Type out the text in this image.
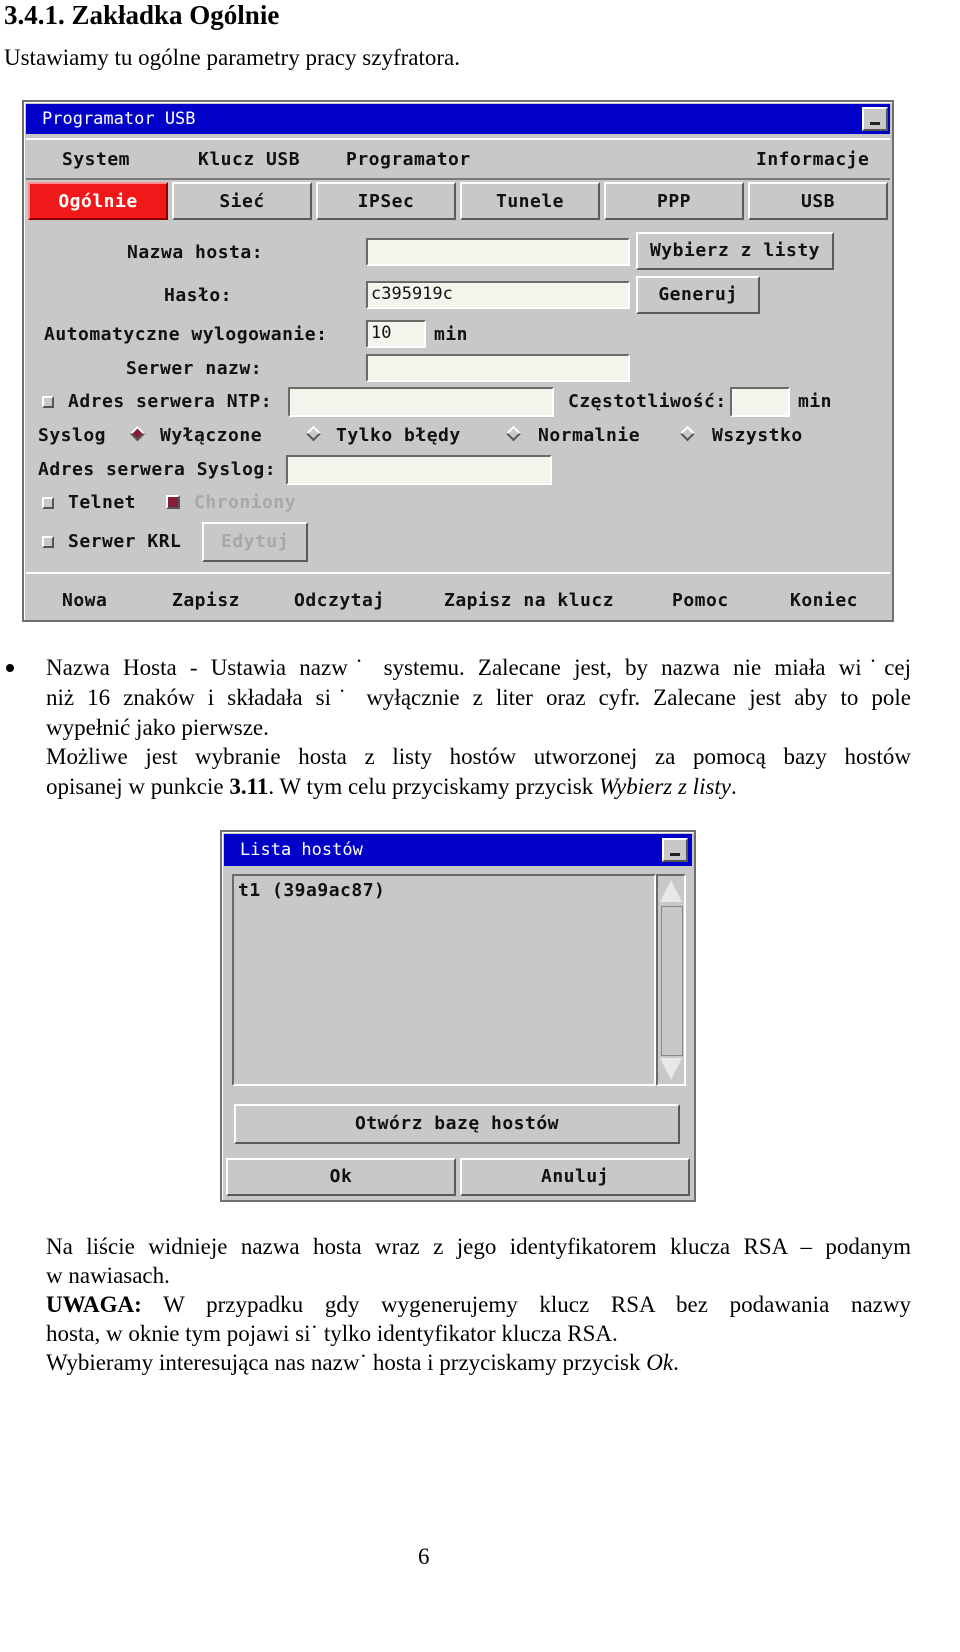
3.4.1. Zakładka Ogólnie
Ustawiamy tu ogólne parametry pracy szyfratora.
Programator USB
System	Klucz USB	Programator	Informacje
Ogólnie	Sieć	IPSec	Tunele	PPP	USB
Nazwa hosta:	Wybierz z listy
Hasło:	c395919c	Generuj
Automatyczne wylogowanie:	10	min
Serwer nazw:
Adres serwera NTP:	Częstotliwość:	min
Syslog	Wyłączone	Tylko błędy	Normalnie	Wszystko
Adres serwera Syslog:
Telnet	Chroniony
Serwer KRL	Edytuj
Nowa	Zapisz	Odczytaj	Zapisz na klucz	Pomoc	Koniec
Nazwa Hosta - Ustawia nazw˙ systemu. Zalecane jest, by nazwa nie miała wi˙cej
niż 16 znaków i składała si˙ wyłącznie z liter oraz cyfr. Zalecane jest aby to pole
wypełnić jako pierwsze.
Możliwe jest wybranie hosta z listy hostów utworzonej za pomocą bazy hostów
opisanej w punkcie 3.11. W tym celu przyciskamy przycisk Wybierz z listy.
Lista hostów
t1 (39a9ac87)
Otwórz bazę hostów
Ok	Anuluj
Na liście widnieje nazwa hosta wraz z jego identyfikatorem klucza RSA – podanym
w nawiasach.
UWAGA: W przypadku gdy wygenerujemy klucz RSA bez podawania nazwy
hosta, w oknie tym pojawi si˙ tylko identyfikator klucza RSA.
Wybieramy interesująca nas nazw˙ hosta i przyciskamy przycisk Ok.
6
